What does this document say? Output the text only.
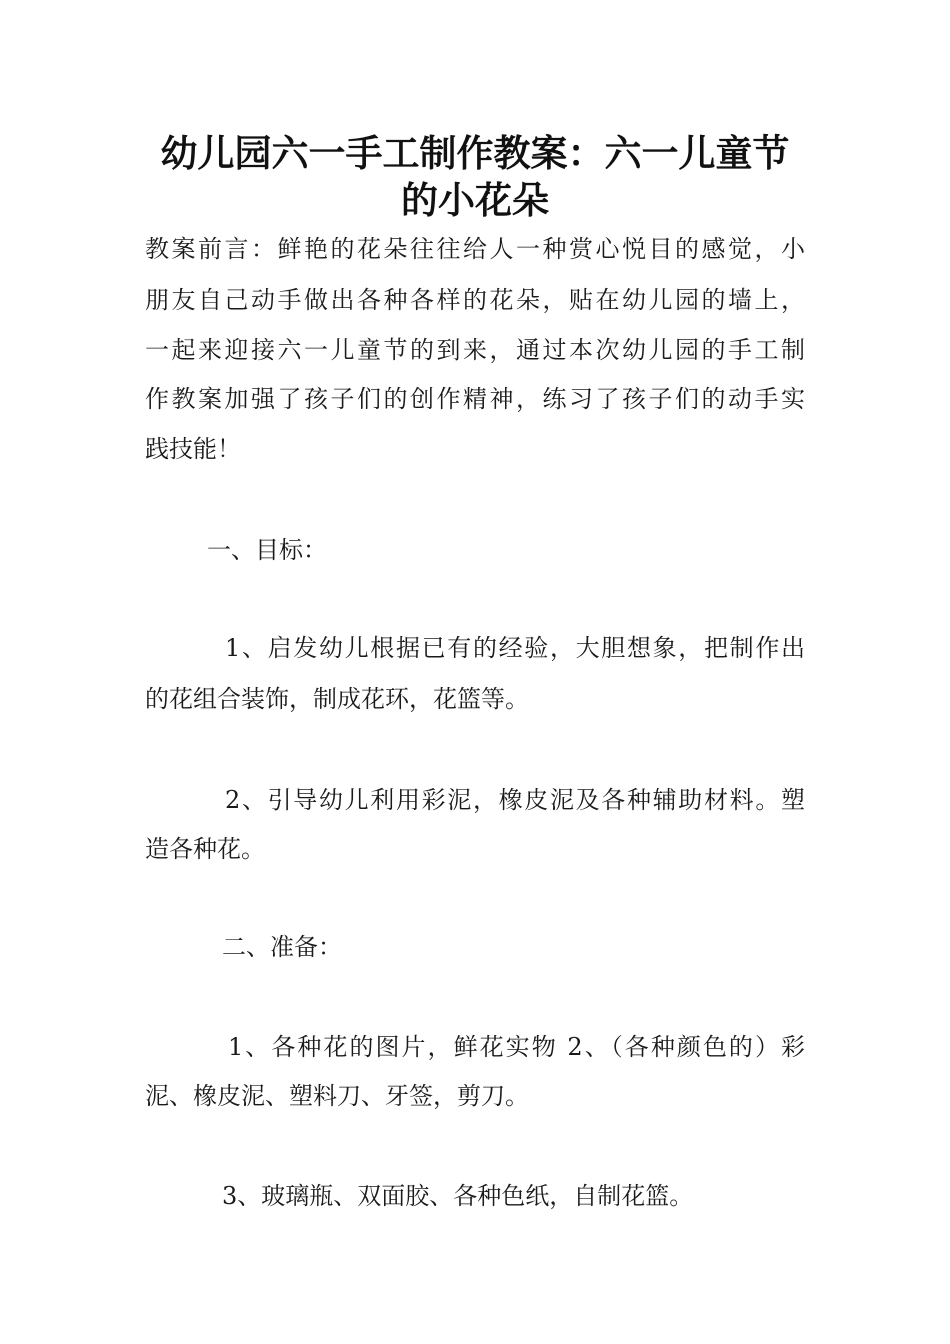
幼儿园六一手工制作教案：六一儿童节
的小花朵
教案前言：鲜艳的花朵往往给人一种赏心悦目的感觉，小
朋友自己动手做出各种各样的花朵，贴在幼儿园的墙上，
一起来迎接六一儿童节的到来，通过本次幼儿园的手工制
作教案加强了孩子们的创作精神，练习了孩子们的动手实
践技能！
一、目标：
1、启发幼儿根据已有的经验，大胆想象，把制作出
的花组合装饰，制成花环，花篮等。
2、引导幼儿利用彩泥，橡皮泥及各种辅助材料。塑
造各种花。
二、准备：
1、各种花的图片，鲜花实物 2、（各种颜色的）彩
泥、橡皮泥、塑料刀、牙签，剪刀。
3、玻璃瓶、双面胶、各种色纸，自制花篮。
